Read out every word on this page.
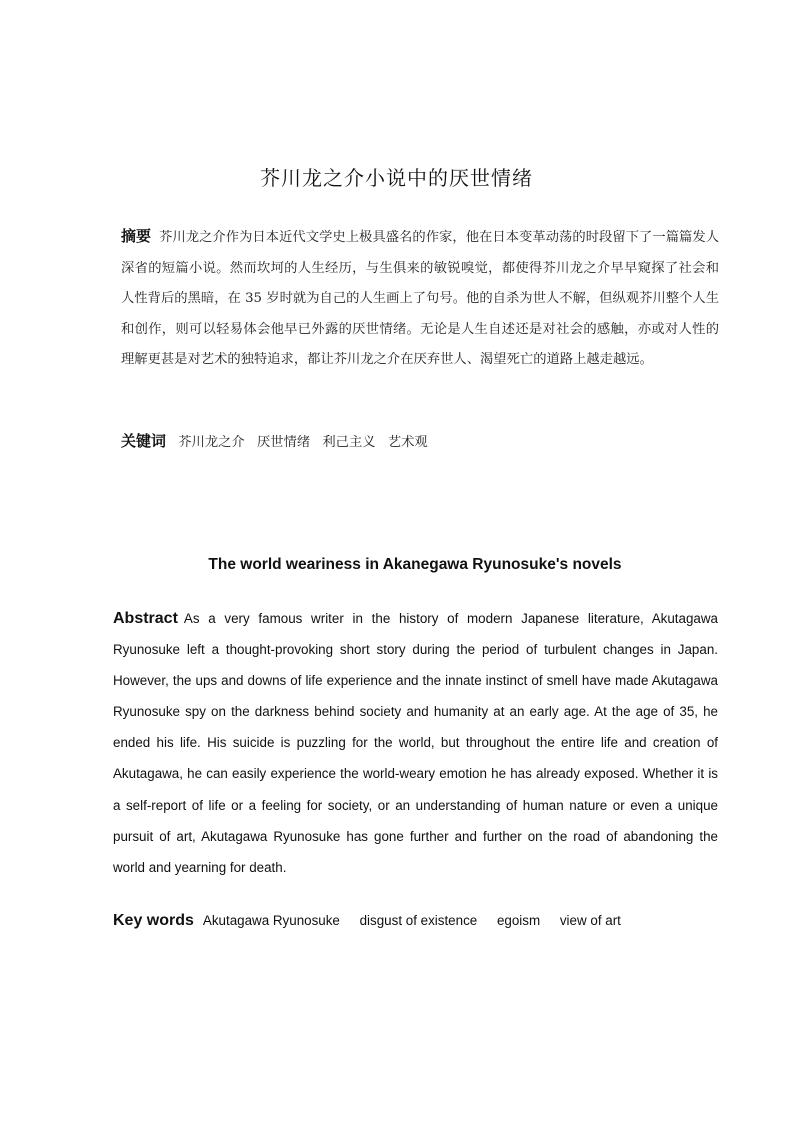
芥川龙之介小说中的厌世情绪
摘要 芥川龙之介作为日本近代文学史上极具盛名的作家，他在日本变革动荡的时段留下了一篇篇发人深省的短篇小说。然而坎坷的人生经历，与生俱来的敏锐嗅觉，都使得芥川龙之介早早窥探了社会和人性背后的黑暗，在 35 岁时就为自己的人生画上了句号。他的自杀为世人不解，但纵观芥川整个人生和创作，则可以轻易体会他早已外露的厌世情绪。无论是人生自述还是对社会的感触，亦或对人性的理解更甚是对艺术的独特追求，都让芥川龙之介在厌弃世人、渴望死亡的道路上越走越远。
关键词 芥川龙之介 厌世情绪 利己主义 艺术观
The world weariness in Akanegawa Ryunosuke's novels
Abstract As a very famous writer in the history of modern Japanese literature, Akutagawa Ryunosuke left a thought-provoking short story during the period of turbulent changes in Japan. However, the ups and downs of life experience and the innate instinct of smell have made Akutagawa Ryunosuke spy on the darkness behind society and humanity at an early age. At the age of 35, he ended his life. His suicide is puzzling for the world, but throughout the entire life and creation of Akutagawa, he can easily experience the world-weary emotion he has already exposed. Whether it is a self-report of life or a feeling for society, or an understanding of human nature or even a unique pursuit of art, Akutagawa Ryunosuke has gone further and further on the road of abandoning the world and yearning for death.
Key words Akutagawa Ryunosuke disgust of existence egoism view of art
